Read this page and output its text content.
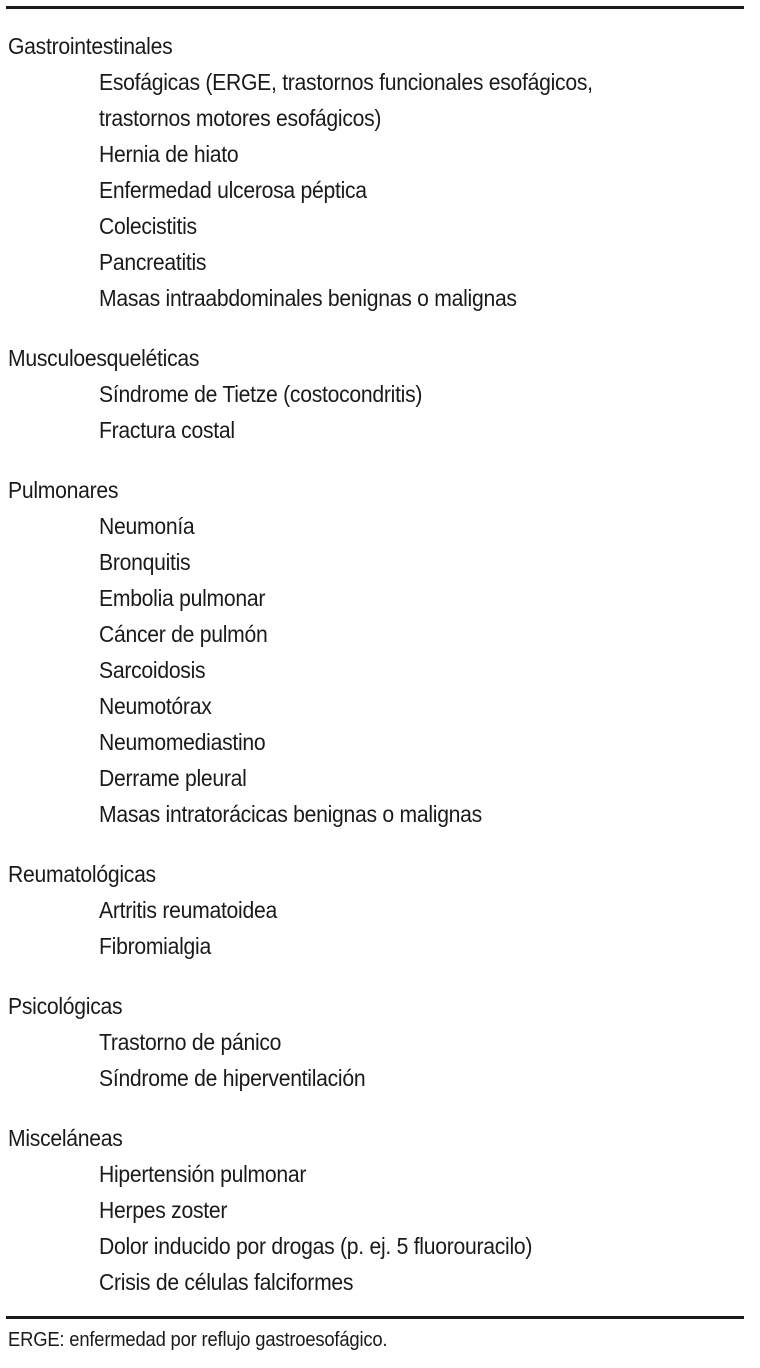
Gastrointestinales
Esofágicas (ERGE, trastornos funcionales esofágicos,
trastornos motores esofágicos)
Hernia de hiato
Enfermedad ulcerosa péptica
Colecistitis
Pancreatitis
Masas intraabdominales benignas o malignas
Musculoesqueléticas
Síndrome de Tietze (costocondritis)
Fractura costal
Pulmonares
Neumonía
Bronquitis
Embolia pulmonar
Cáncer de pulmón
Sarcoidosis
Neumotórax
Neumomediastino
Derrame pleural
Masas intratorácicas benignas o malignas
Reumatológicas
Artritis reumatoidea
Fibromialgia
Psicológicas
Trastorno de pánico
Síndrome de hiperventilación
Misceláneas
Hipertensión pulmonar
Herpes zoster
Dolor inducido por drogas (p. ej. 5 fluorouracilo)
Crisis de células falciformes
ERGE: enfermedad por reflujo gastroesofágico.
